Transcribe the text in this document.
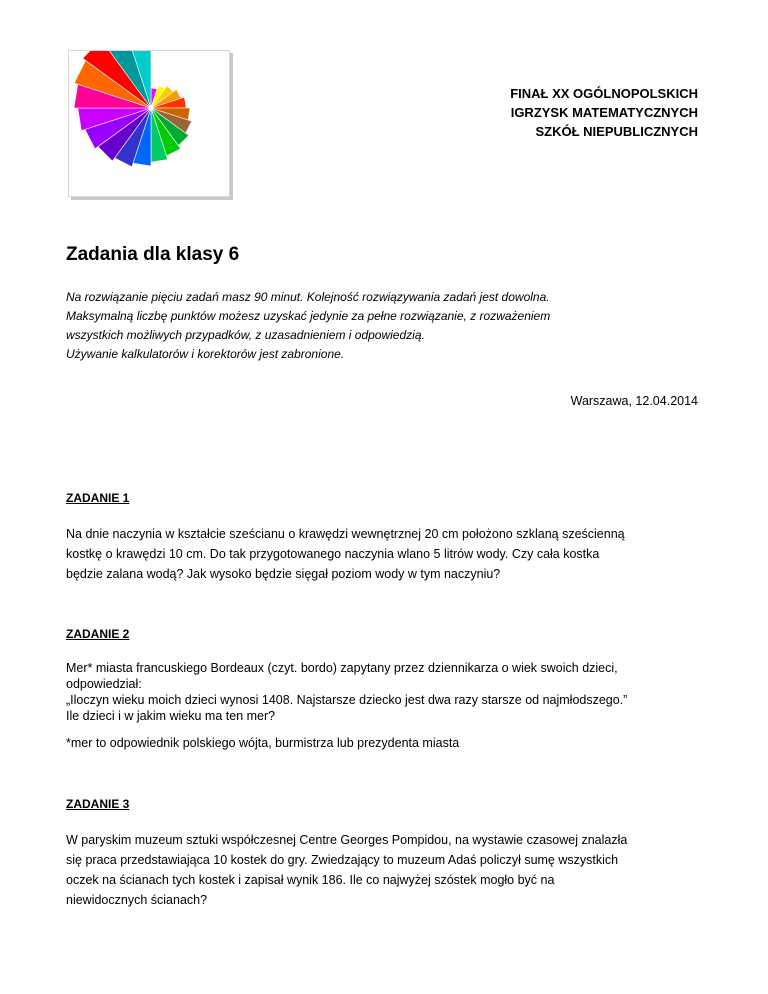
FINAŁ XX OGÓLNOPOLSKICH
IGRZYSK MATEMATYCZNYCH
SZKÓŁ NIEPUBLICZNYCH
Zadania dla klasy 6
Na rozwiązanie pięciu zadań masz 90 minut. Kolejność rozwiązywania zadań jest dowolna.
Maksymalną liczbę punktów możesz uzyskać jedynie za pełne rozwiązanie, z rozważeniem
wszystkich możliwych przypadków, z uzasadnieniem i odpowiedzią.
Używanie kalkulatorów i korektorów jest zabronione.
Warszawa, 12.04.2014
ZADANIE 1

Na dnie naczynia w kształcie sześcianu o krawędzi wewnętrznej 20 cm położono szklaną sześcienną
kostkę o krawędzi 10 cm. Do tak przygotowanego naczynia wlano 5 litrów wody. Czy cała kostka
będzie zalana wodą? Jak wysoko będzie sięgał poziom wody w tym naczyniu?

ZADANIE 2

Mer* miasta francuskiego Bordeaux (czyt. bordo) zapytany przez dziennikarza o wiek swoich dzieci,
odpowiedział:
„Iloczyn wieku moich dzieci wynosi 1408. Najstarsze dziecko jest dwa razy starsze od najmłodszego.”
Ile dzieci i w jakim wieku ma ten mer?

*mer to odpowiednik polskiego wójta, burmistrza lub prezydenta miasta

ZADANIE 3

W paryskim muzeum sztuki współczesnej Centre Georges Pompidou, na wystawie czasowej znalazła
się praca przedstawiająca 10 kostek do gry. Zwiedzający to muzeum Adaś policzył sumę wszystkich
oczek na ścianach tych kostek i zapisał wynik 186. Ile co najwyżej szóstek mogło być na
niewidocznych ścianach?
